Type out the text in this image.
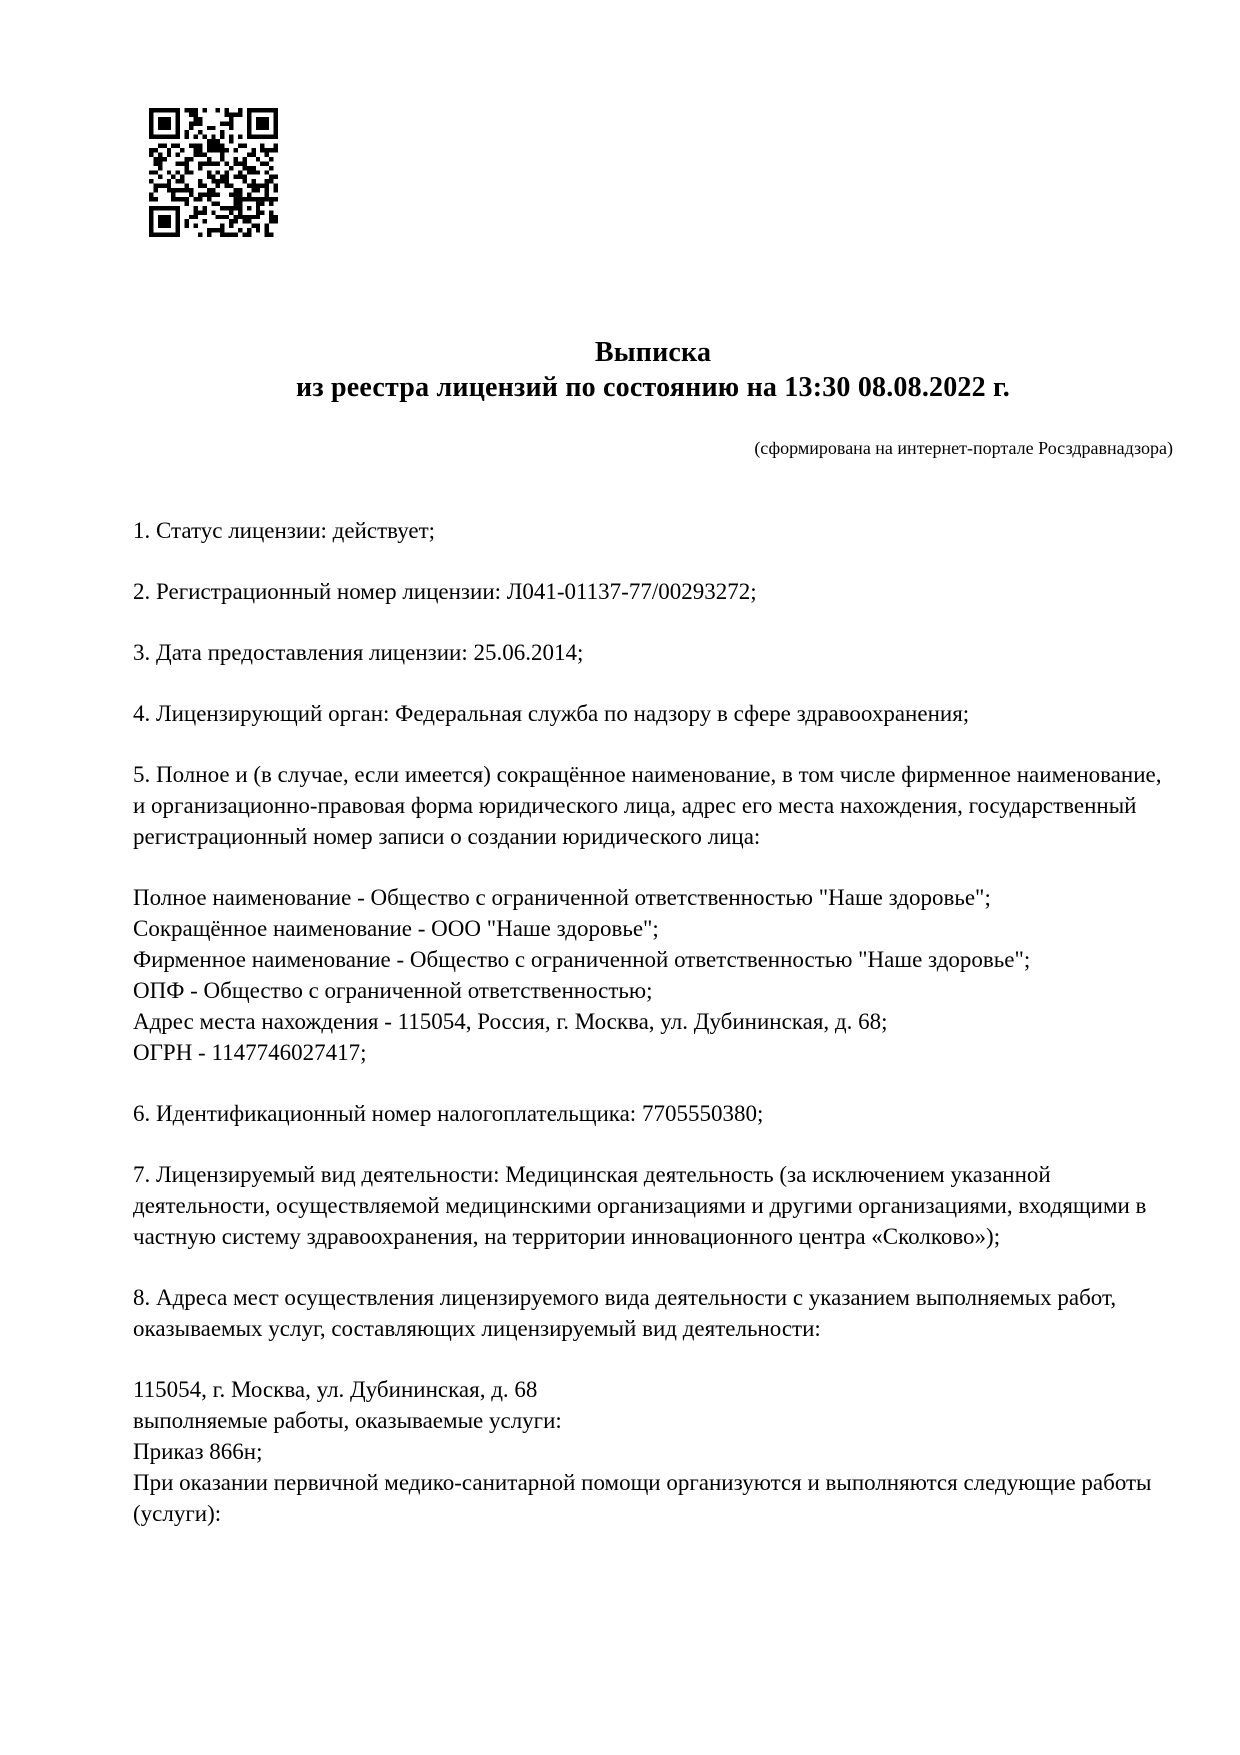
Выписка
из реестра лицензий по состоянию на 13:30 08.08.2022 г.
(сформирована на интернет-портале Росздравнадзора)

1. Статус лицензии: действует;

2. Регистрационный номер лицензии: Л041-01137-77/00293272;

3. Дата предоставления лицензии: 25.06.2014;

4. Лицензирующий орган: Федеральная служба по надзору в сфере здравоохранения;

5. Полное и (в случае, если имеется) сокращённое наименование, в том числе фирменное наименование, и организационно-правовая форма юридического лица, адрес его места нахождения, государственный регистрационный номер записи о создании юридического лица:

Полное наименование - Общество с ограниченной ответственностью "Наше здоровье";
Сокращённое наименование - ООО "Наше здоровье";
Фирменное наименование - Общество с ограниченной ответственностью "Наше здоровье";
ОПФ - Общество с ограниченной ответственностью;
Адрес места нахождения - 115054, Россия, г. Москва, ул. Дубининская, д. 68;
ОГРН - 1147746027417;

6. Идентификационный номер налогоплательщика: 7705550380;

7. Лицензируемый вид деятельности: Медицинская деятельность (за исключением указанной деятельности, осуществляемой медицинскими организациями и другими организациями, входящими в частную систему здравоохранения, на территории инновационного центра «Сколково»);

8. Адреса мест осуществления лицензируемого вида деятельности с указанием выполняемых работ, оказываемых услуг, составляющих лицензируемый вид деятельности:

115054, г. Москва, ул. Дубининская, д. 68
выполняемые работы, оказываемые услуги:
Приказ 866н;
При оказании первичной медико-санитарной помощи организуются и выполняются следующие работы (услуги):
